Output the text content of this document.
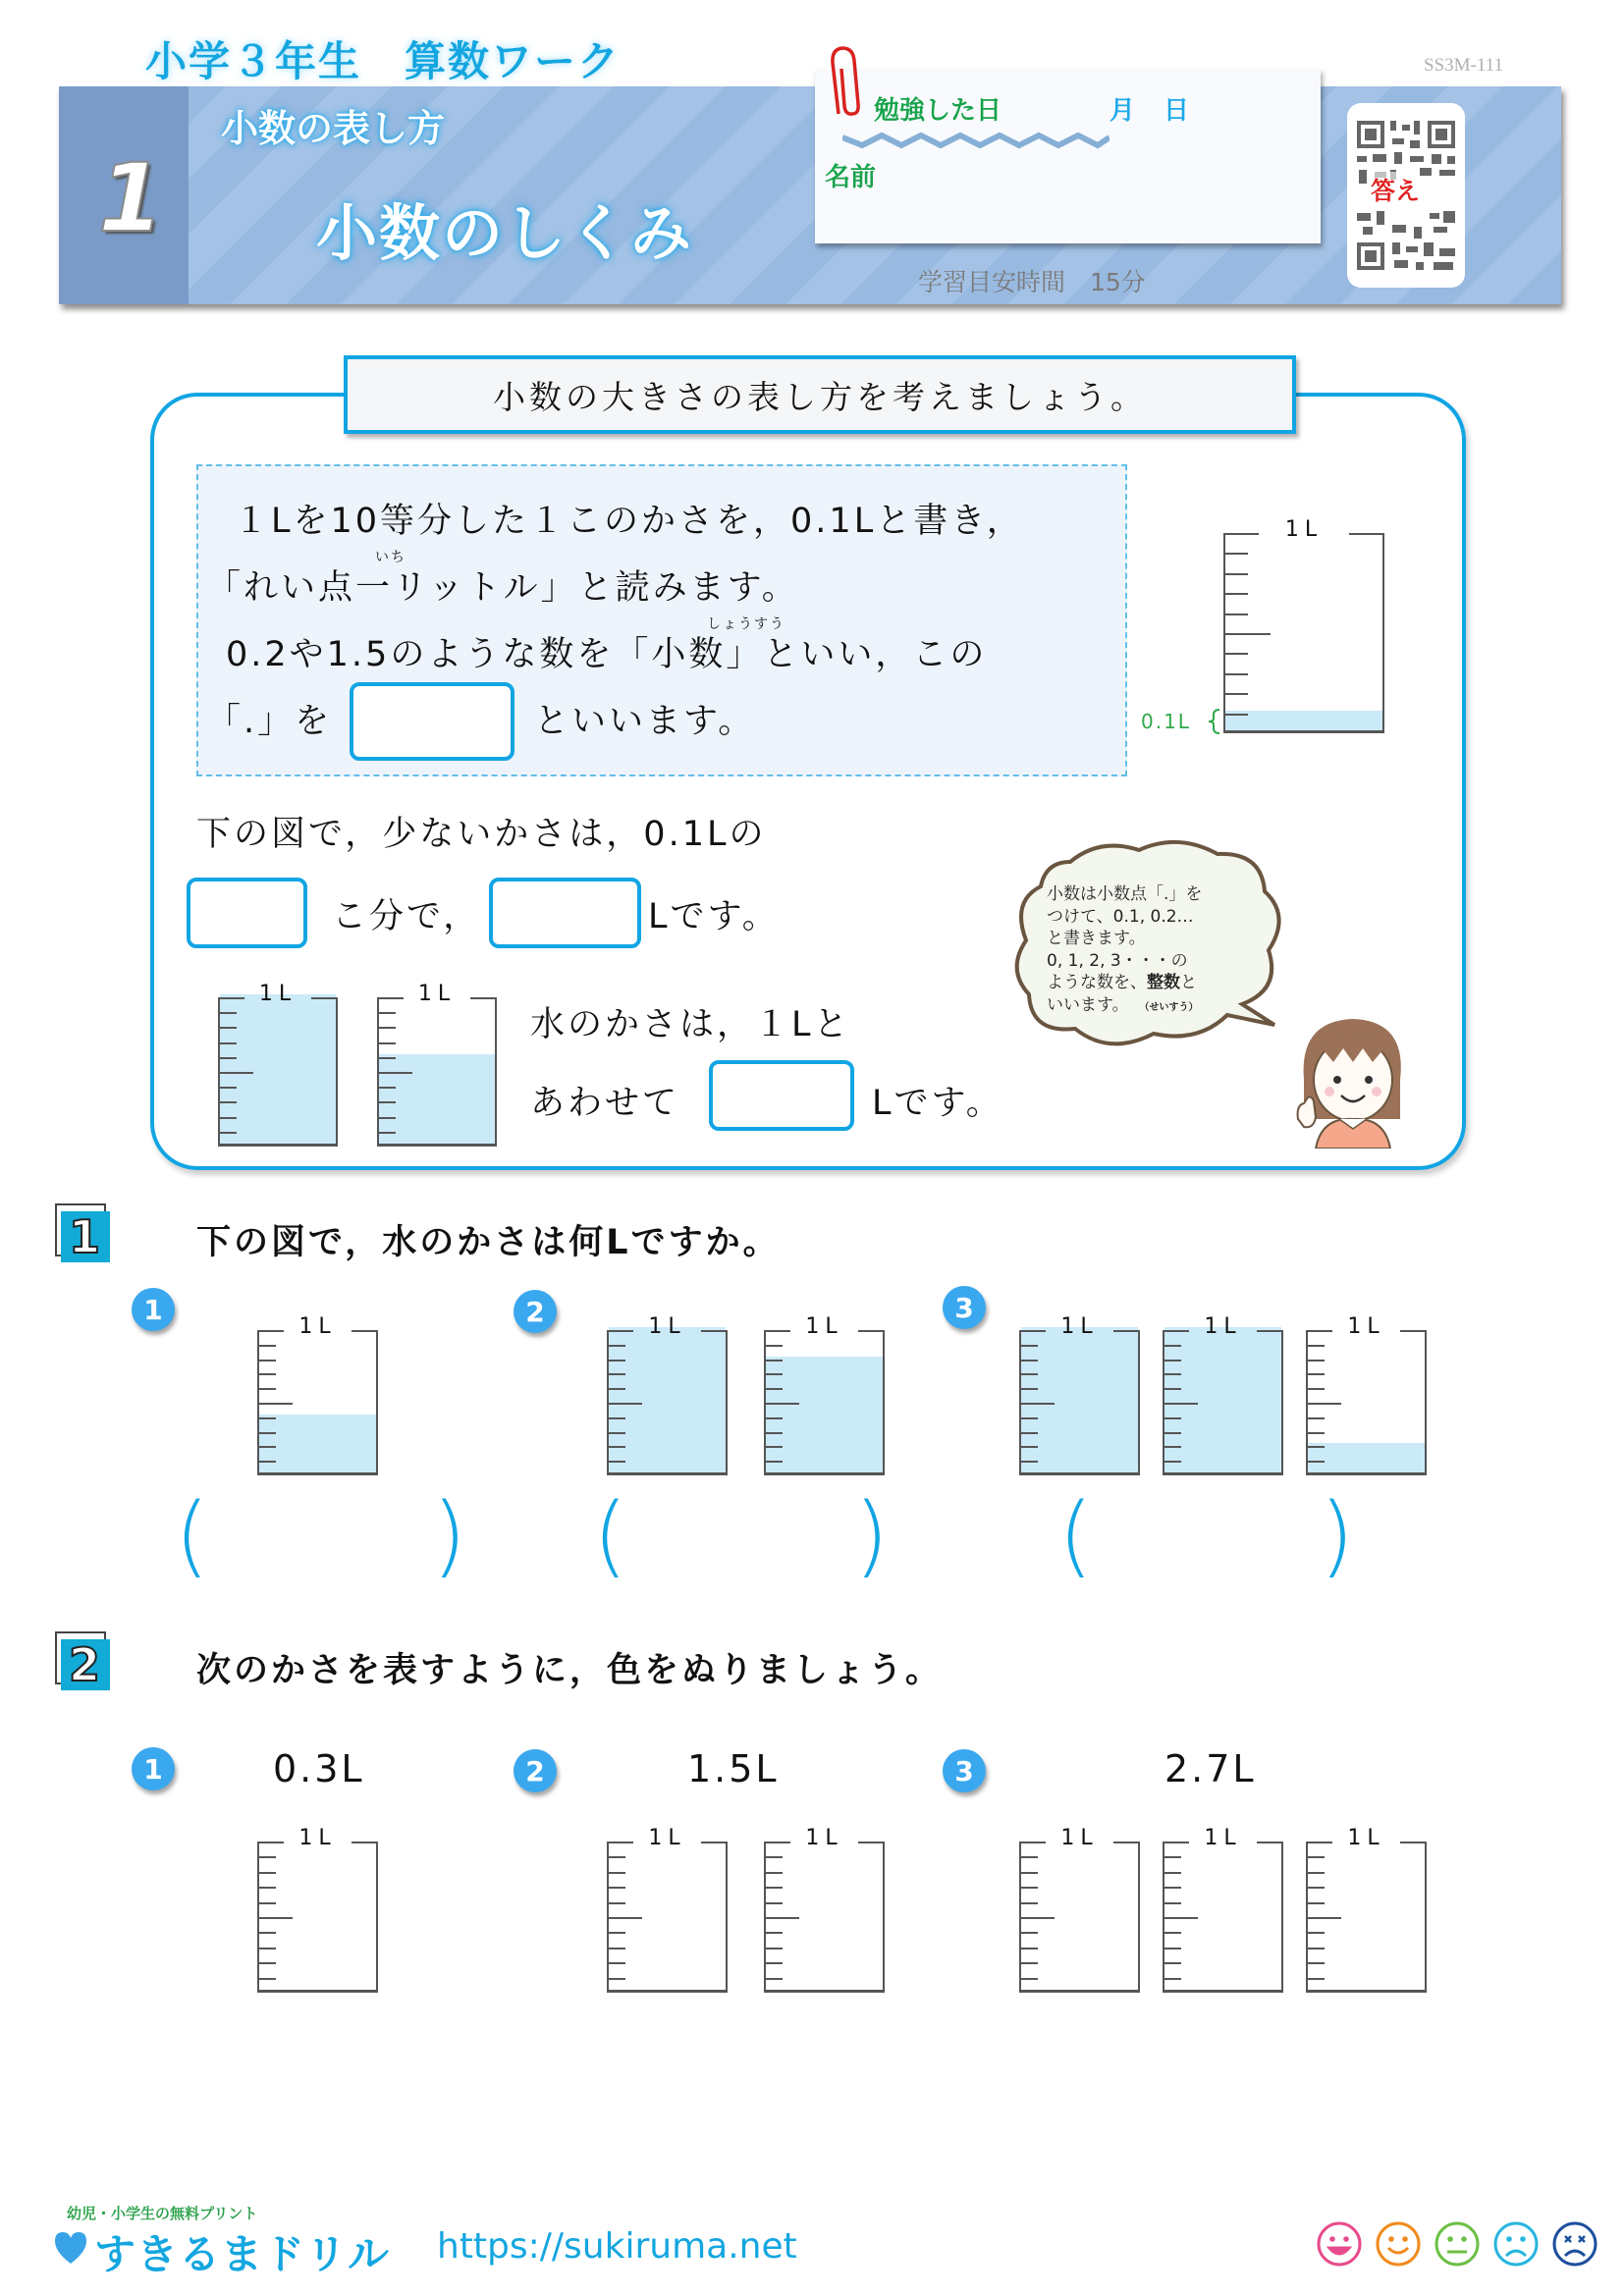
小学３年生　算数ワーク	SS3M-111
1
小数の表し方
小数のしくみ
勉強した日	月 日
名前
学習目安時間　15分
答え
小数の大きさの表し方を考えましょう。
１Lを10等分した１このかさを，0.1Lと書き，
いち
「れい点一リットル」と読みます。
しょうすう
0.2や1.5のような数を「小数」といい，この
「.」を	といいます。
1L
0.1L
下の図で，少ないかさは，0.1Lの
こ分で，	Lです。
1L	1L
水のかさは，１Lと
あわせて	Lです。
小数は小数点「.」を
つけて、0.1, 0.2…
と書きます。
0, 1, 2, 3・・・の
ような数を、整数と
いいます。 （せいすう）
1	下の図で，水のかさは何Lですか。
1	2	3
(	) (	) (	)
2	次のかさを表すように，色をぬりましょう。
1	0.3L	2	1.5L	3	2.7L
幼児・小学生の無料プリント
すきるまドリル https://sukiruma.net
1L	1L	1L	1L	1L	1L
1L	1L	1L	1L	1L	1L
